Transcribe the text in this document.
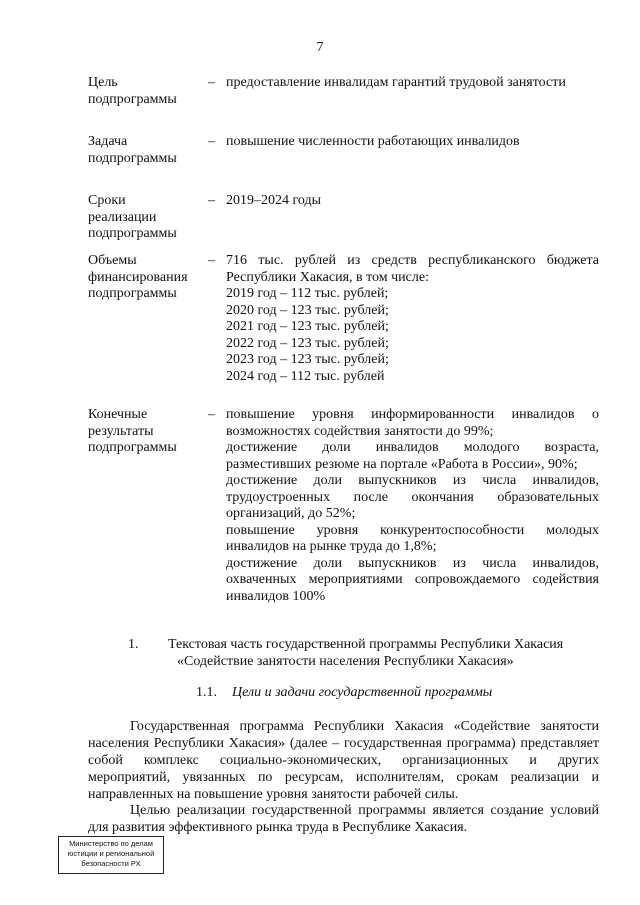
7
Цель
подпрограммы
– предоставление инвалидам гарантий трудовой занятости
Задача
подпрограммы
– повышение численности работающих инвалидов
Сроки
реализации
подпрограммы
– 2019–2024 годы
Объемы
финансирования
подпрограммы
– 716 тыс. рублей из средств республиканского бюджета
Республики Хакасия, в том числе:
2019 год – 112 тыс. рублей;
2020 год – 123 тыс. рублей;
2021 год – 123 тыс. рублей;
2022 год – 123 тыс. рублей;
2023 год – 123 тыс. рублей;
2024 год – 112 тыс. рублей
Конечные
результаты
подпрограммы
– повышение уровня информированности инвалидов о
возможностях содействия занятости до 99%;
достижение доли инвалидов молодого возраста,
разместивших резюме на портале «Работа в России», 90%;
достижение доли выпускников из числа инвалидов,
трудоустроенных после окончания образовательных
организаций, до 52%;
повышение уровня конкурентоспособности молодых
инвалидов на рынке труда до 1,8%;
достижение доли выпускников из числа инвалидов,
охваченных мероприятиями сопровождаемого содействия
инвалидов 100%
1. Текстовая часть государственной программы Республики Хакасия
«Содействие занятости населения Республики Хакасия»
1.1. Цели и задачи государственной программы
Государственная программа Республики Хакасия «Содействие занятости
населения Республики Хакасия» (далее – государственная программа) представляет
собой комплекс социально-экономических, организационных и других
мероприятий, увязанных по ресурсам, исполнителям, срокам реализации и
направленных на повышение уровня занятости рабочей силы.
Целью реализации государственной программы является создание условий
для развития эффективного рынка труда в Республике Хакасия.
Министерство по делам
юстиции и региональной
безопасности РХ
